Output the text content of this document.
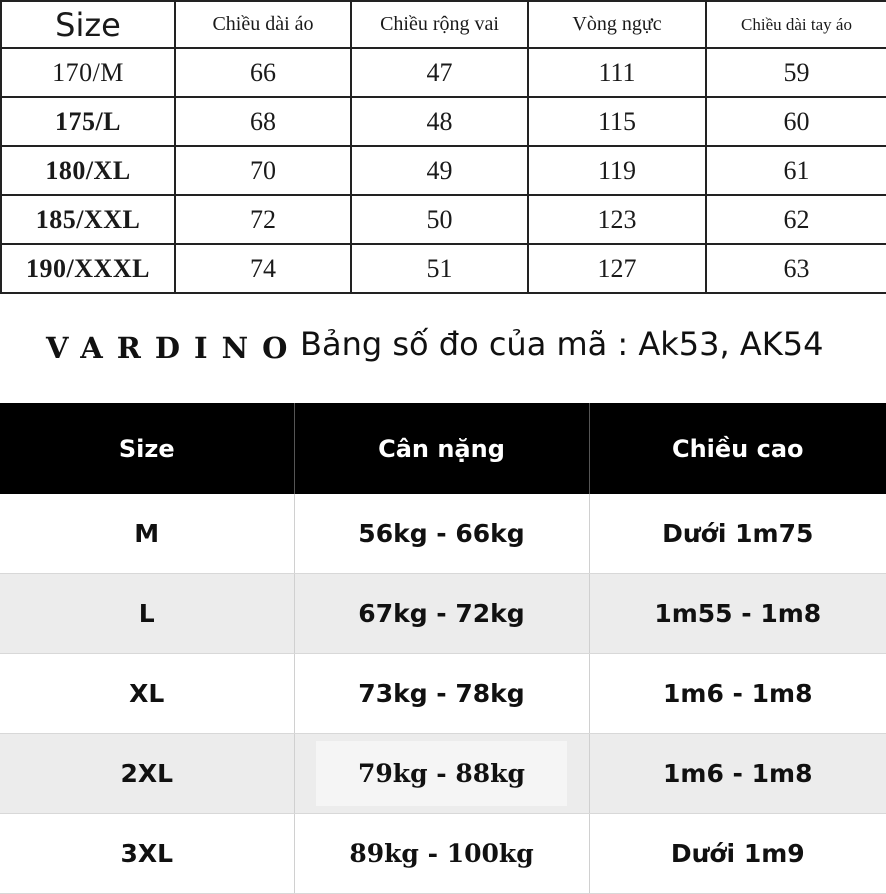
Size	Chiều dài áo	Chiều rộng vai	Vòng ngực	Chiều dài tay áo
170/M	66	47	111	59
175/L	68	48	115	60
180/XL	70	49	119	61
185/XXL	72	50	123	62
190/XXXL	74	51	127	63
VARDINO
Bảng số đo của mã : Ak53, AK54
Size	Cân nặng	Chiều cao
M	56kg - 66kg	Dưới 1m75
L	67kg - 72kg	1m55 - 1m8
XL	73kg - 78kg	1m6 - 1m8
2XL	79kg - 88kg	1m6 - 1m8
3XL	89kg - 100kg	Dưới 1m9
